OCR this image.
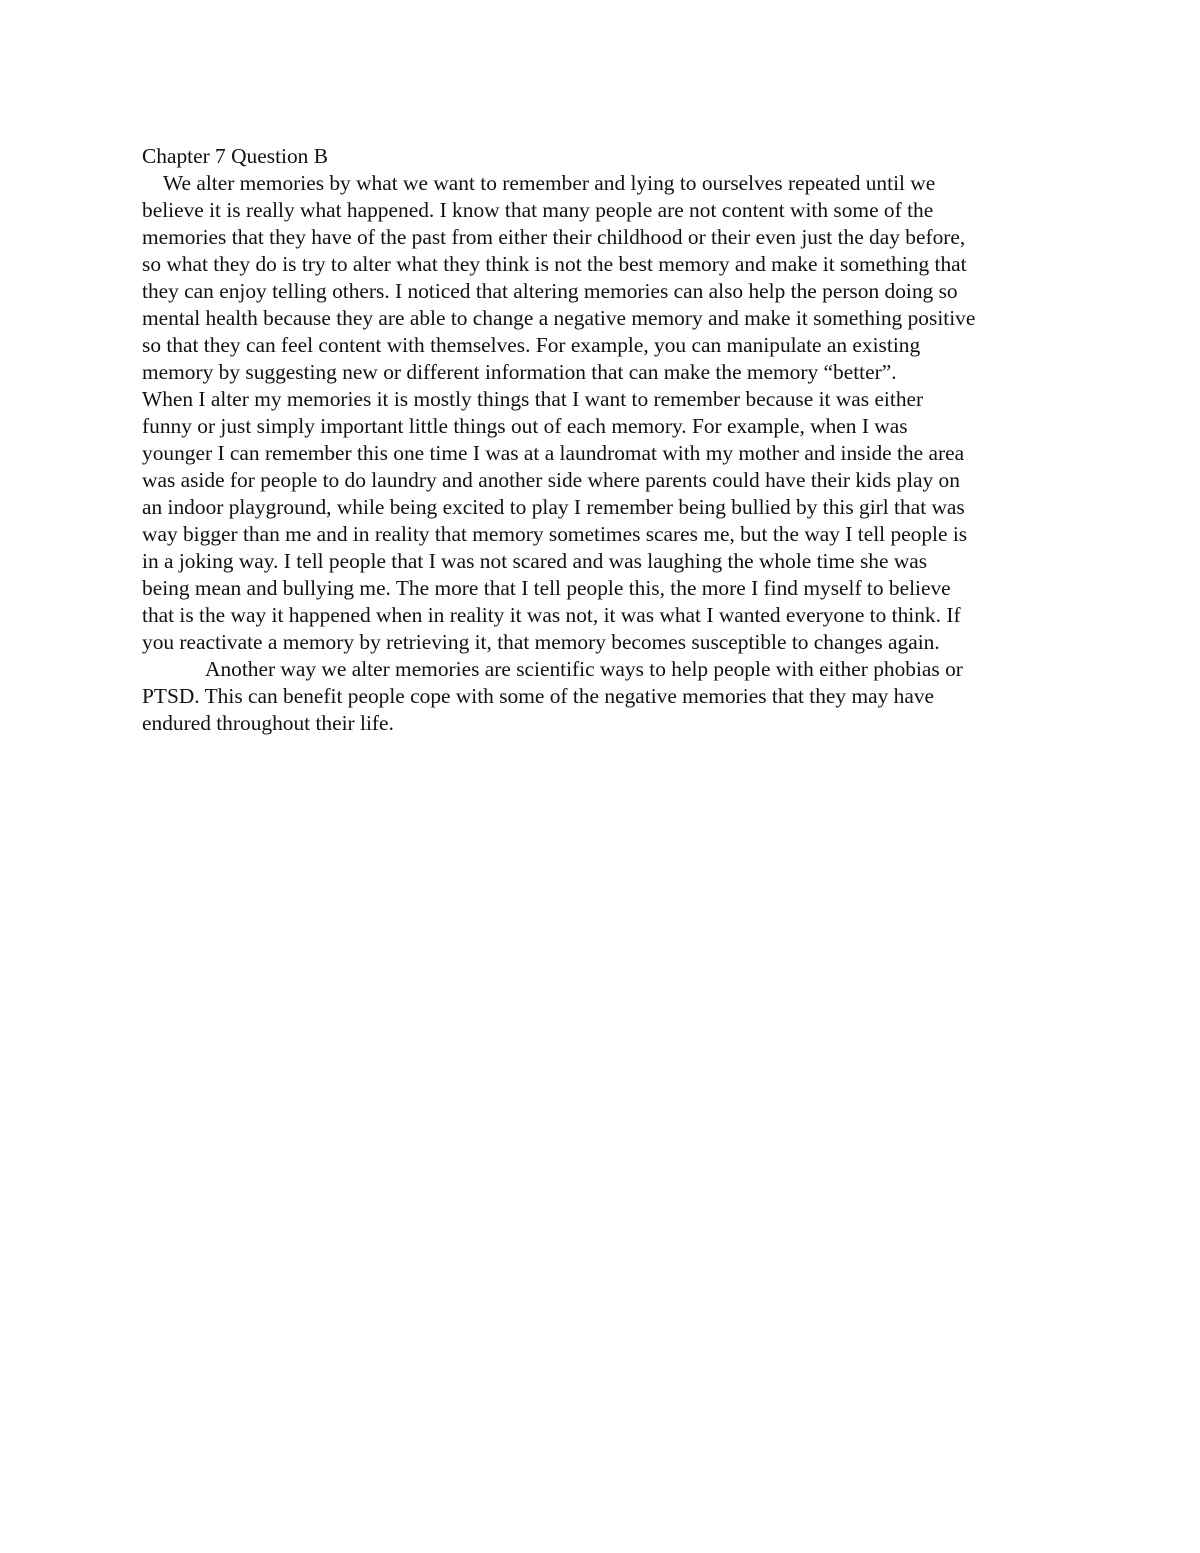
Chapter 7 Question B
We alter memories by what we want to remember and lying to ourselves repeated until we
believe it is really what happened. I know that many people are not content with some of the
memories that they have of the past from either their childhood or their even just the day before,
so what they do is try to alter what they think is not the best memory and make it something that
they can enjoy telling others. I noticed that altering memories can also help the person doing so
mental health because they are able to change a negative memory and make it something positive
so that they can feel content with themselves. For example, you can manipulate an existing
memory by suggesting new or different information that can make the memory “better”.
When I alter my memories it is mostly things that I want to remember because it was either
funny or just simply important little things out of each memory. For example, when I was
younger I can remember this one time I was at a laundromat with my mother and inside the area
was aside for people to do laundry and another side where parents could have their kids play on
an indoor playground, while being excited to play I remember being bullied by this girl that was
way bigger than me and in reality that memory sometimes scares me, but the way I tell people is
in a joking way. I tell people that I was not scared and was laughing the whole time she was
being mean and bullying me. The more that I tell people this, the more I find myself to believe
that is the way it happened when in reality it was not, it was what I wanted everyone to think. If
you reactivate a memory by retrieving it, that memory becomes susceptible to changes again.
Another way we alter memories are scientific ways to help people with either phobias or
PTSD. This can benefit people cope with some of the negative memories that they may have
endured throughout their life.
